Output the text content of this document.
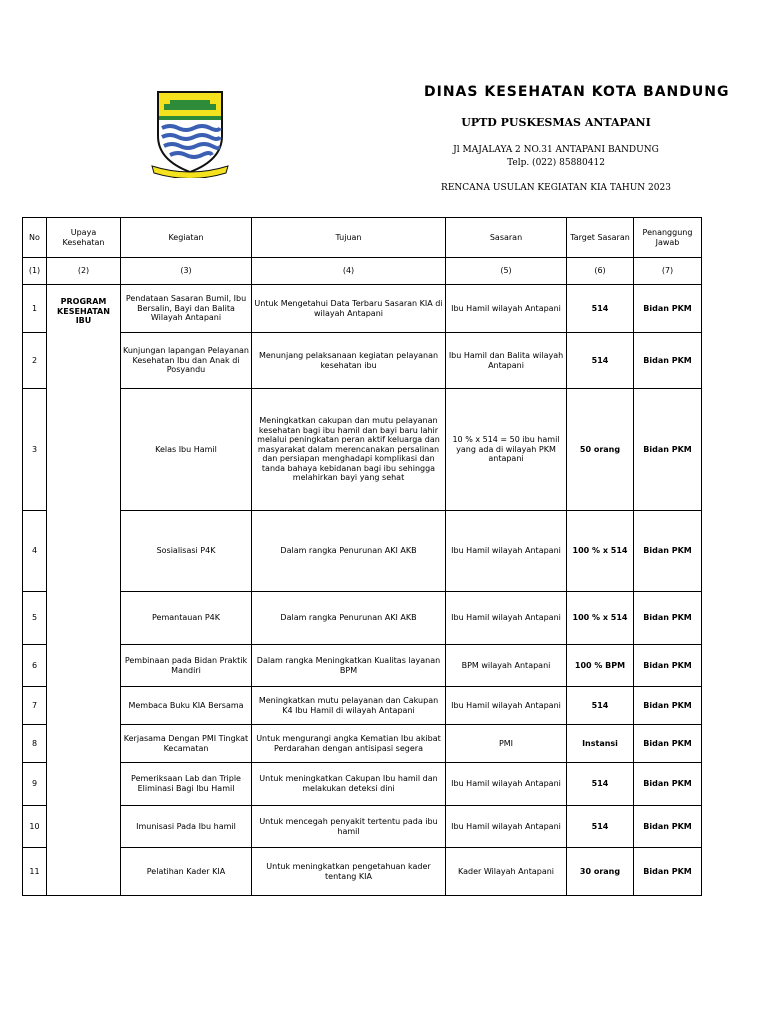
DINAS KESEHATAN KOTA BANDUNG
UPTD PUSKESMAS ANTAPANI
Jl MAJALAYA 2 NO.31 ANTAPANI BANDUNG
Telp. (022) 85880412
RENCANA USULAN KEGIATAN KIA TAHUN 2023
No	Upaya Kesehatan	Kegiatan	Tujuan	Sasaran	Target Sasaran	Penanggung Jawab
(1)	(2)	(3)	(4)	(5)	(6)	(7)
1	PROGRAM KESEHATAN IBU	Pendataan Sasaran Bumil, Ibu Bersalin, Bayi dan Balita Wilayah Antapani	Untuk Mengetahui Data Terbaru Sasaran KIA di wilayah Antapani	Ibu Hamil wilayah Antapani	514	Bidan PKM
2		Kunjungan lapangan Pelayanan Kesehatan Ibu dan Anak di Posyandu	Menunjang pelaksanaan kegiatan pelayanan kesehatan ibu	Ibu Hamil dan Balita wilayah Antapani	514	Bidan PKM
3		Kelas Ibu Hamil	Meningkatkan cakupan dan mutu pelayanan kesehatan bagi ibu hamil dan bayi baru lahir melalui peningkatan peran aktif keluarga dan masyarakat dalam merencanakan persalinan dan persiapan menghadapi komplikasi dan tanda bahaya kebidanan bagi ibu sehingga melahirkan bayi yang sehat	10 % x 514 = 50 ibu hamil yang ada di wilayah PKM antapani	50 orang	Bidan PKM
4		Sosialisasi P4K	Dalam rangka Penurunan AKI AKB	Ibu Hamil wilayah Antapani	100 % x 514	Bidan PKM
5		Pemantauan P4K	Dalam rangka Penurunan AKI AKB	Ibu Hamil wilayah Antapani	100 % x 514	Bidan PKM
6		Pembinaan pada Bidan Praktik Mandiri	Dalam rangka Meningkatkan Kualitas layanan BPM	BPM wilayah Antapani	100 % BPM	Bidan PKM
7		Membaca Buku KIA Bersama	Meningkatkan mutu pelayanan dan Cakupan K4 Ibu Hamil di wilayah Antapani	Ibu Hamil wilayah Antapani	514	Bidan PKM
8		Kerjasama Dengan PMI Tingkat Kecamatan	Untuk mengurangi angka Kematian Ibu akibat Perdarahan dengan antisipasi segera	PMI	Instansi	Bidan PKM
9		Pemeriksaan Lab dan Triple Eliminasi Bagi Ibu Hamil	Untuk meningkatkan Cakupan Ibu hamil dan melakukan deteksi dini	Ibu Hamil wilayah Antapani	514	Bidan PKM
10		Imunisasi Pada Ibu hamil	Untuk mencegah penyakit tertentu pada ibu hamil	Ibu Hamil wilayah Antapani	514	Bidan PKM
11		Pelatihan Kader KIA	Untuk meningkatkan pengetahuan kader tentang KIA	Kader Wilayah Antapani	30 orang	Bidan PKM
